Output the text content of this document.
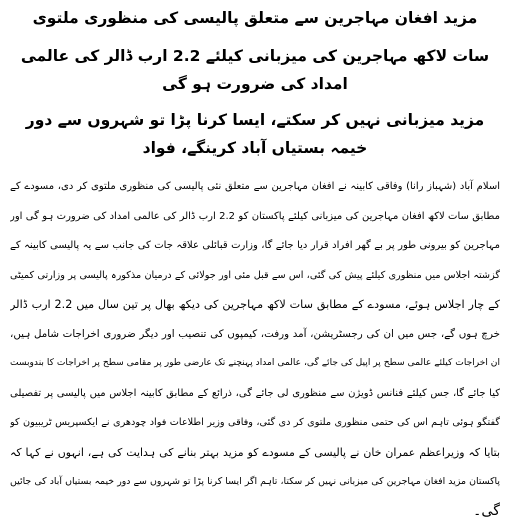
مزید افغان مہاجرین سے متعلق پالیسی کی منظوری ملتوی
سات لاکھ مہاجرین کی میزبانی کیلئے 2.2 ارب ڈالر کی عالمی امداد کی ضرورت ہو گی
مزید میزبانی نہیں کر سکتے، ایسا کرنا پڑا تو شہروں سے دور خیمہ بستیاں آباد کرینگے، فواد
اسلام آباد (شہباز رانا) وفاقی کابینہ نے افغان مہاجرین سے متعلق نئی پالیسی کی منظوری ملتوی کر دی، مسودے کے
مطابق سات لاکھ افغان مہاجرین کی میزبانی کیلئے پاکستان کو 2.2 ارب ڈالر کی عالمی امداد کی ضرورت ہو گی اور
مہاجرین کو بیرونی طور پر بے گھر افراد قرار دیا جائے گا، وزارت قبائلی علاقہ جات کی جانب سے یہ پالیسی کابینہ کے
گزشتہ اجلاس میں منظوری کیلئے پیش کی گئی، اس سے قبل مئی اور جولائی کے درمیان مذکورہ پالیسی پر وزارتی کمیٹی
کے چار اجلاس ہوئے، مسودے کے مطابق سات لاکھ مہاجرین کی دیکھ بھال پر تین سال میں 2.2 ارب ڈالر
خرچ ہوں گے، جس میں ان کی رجسٹریشن، آمد ورفت، کیمپوں کی تنصیب اور دیگر ضروری اخراجات شامل ہیں،
ان اخراجات کیلئے عالمی سطح پر اپیل کی جائے گی، عالمی امداد پہنچنے تک عارضی طور پر مقامی سطح پر اخراجات کا بندوبست
کیا جائے گا، جس کیلئے فنانس ڈویژن سے منظوری لی جائے گی، ذرائع کے مطابق کابینہ اجلاس میں پالیسی پر تفصیلی
گفتگو ہوئی تاہم اس کی حتمی منظوری ملتوی کر دی گئی، وفاقی وزیر اطلاعات فواد چودھری نے ایکسپریس ٹریبیون کو
بتایا کہ وزیراعظم عمران خان نے پالیسی کے مسودے کو مزید بہتر بنانے کی ہدایت کی ہے، انہوں نے کہا کہ
پاکستان مزید افغان مہاجرین کی میزبانی نہیں کر سکتا، تاہم اگر ایسا کرنا پڑا تو شہروں سے دور خیمہ بستیاں آباد کی جائیں
گی۔
